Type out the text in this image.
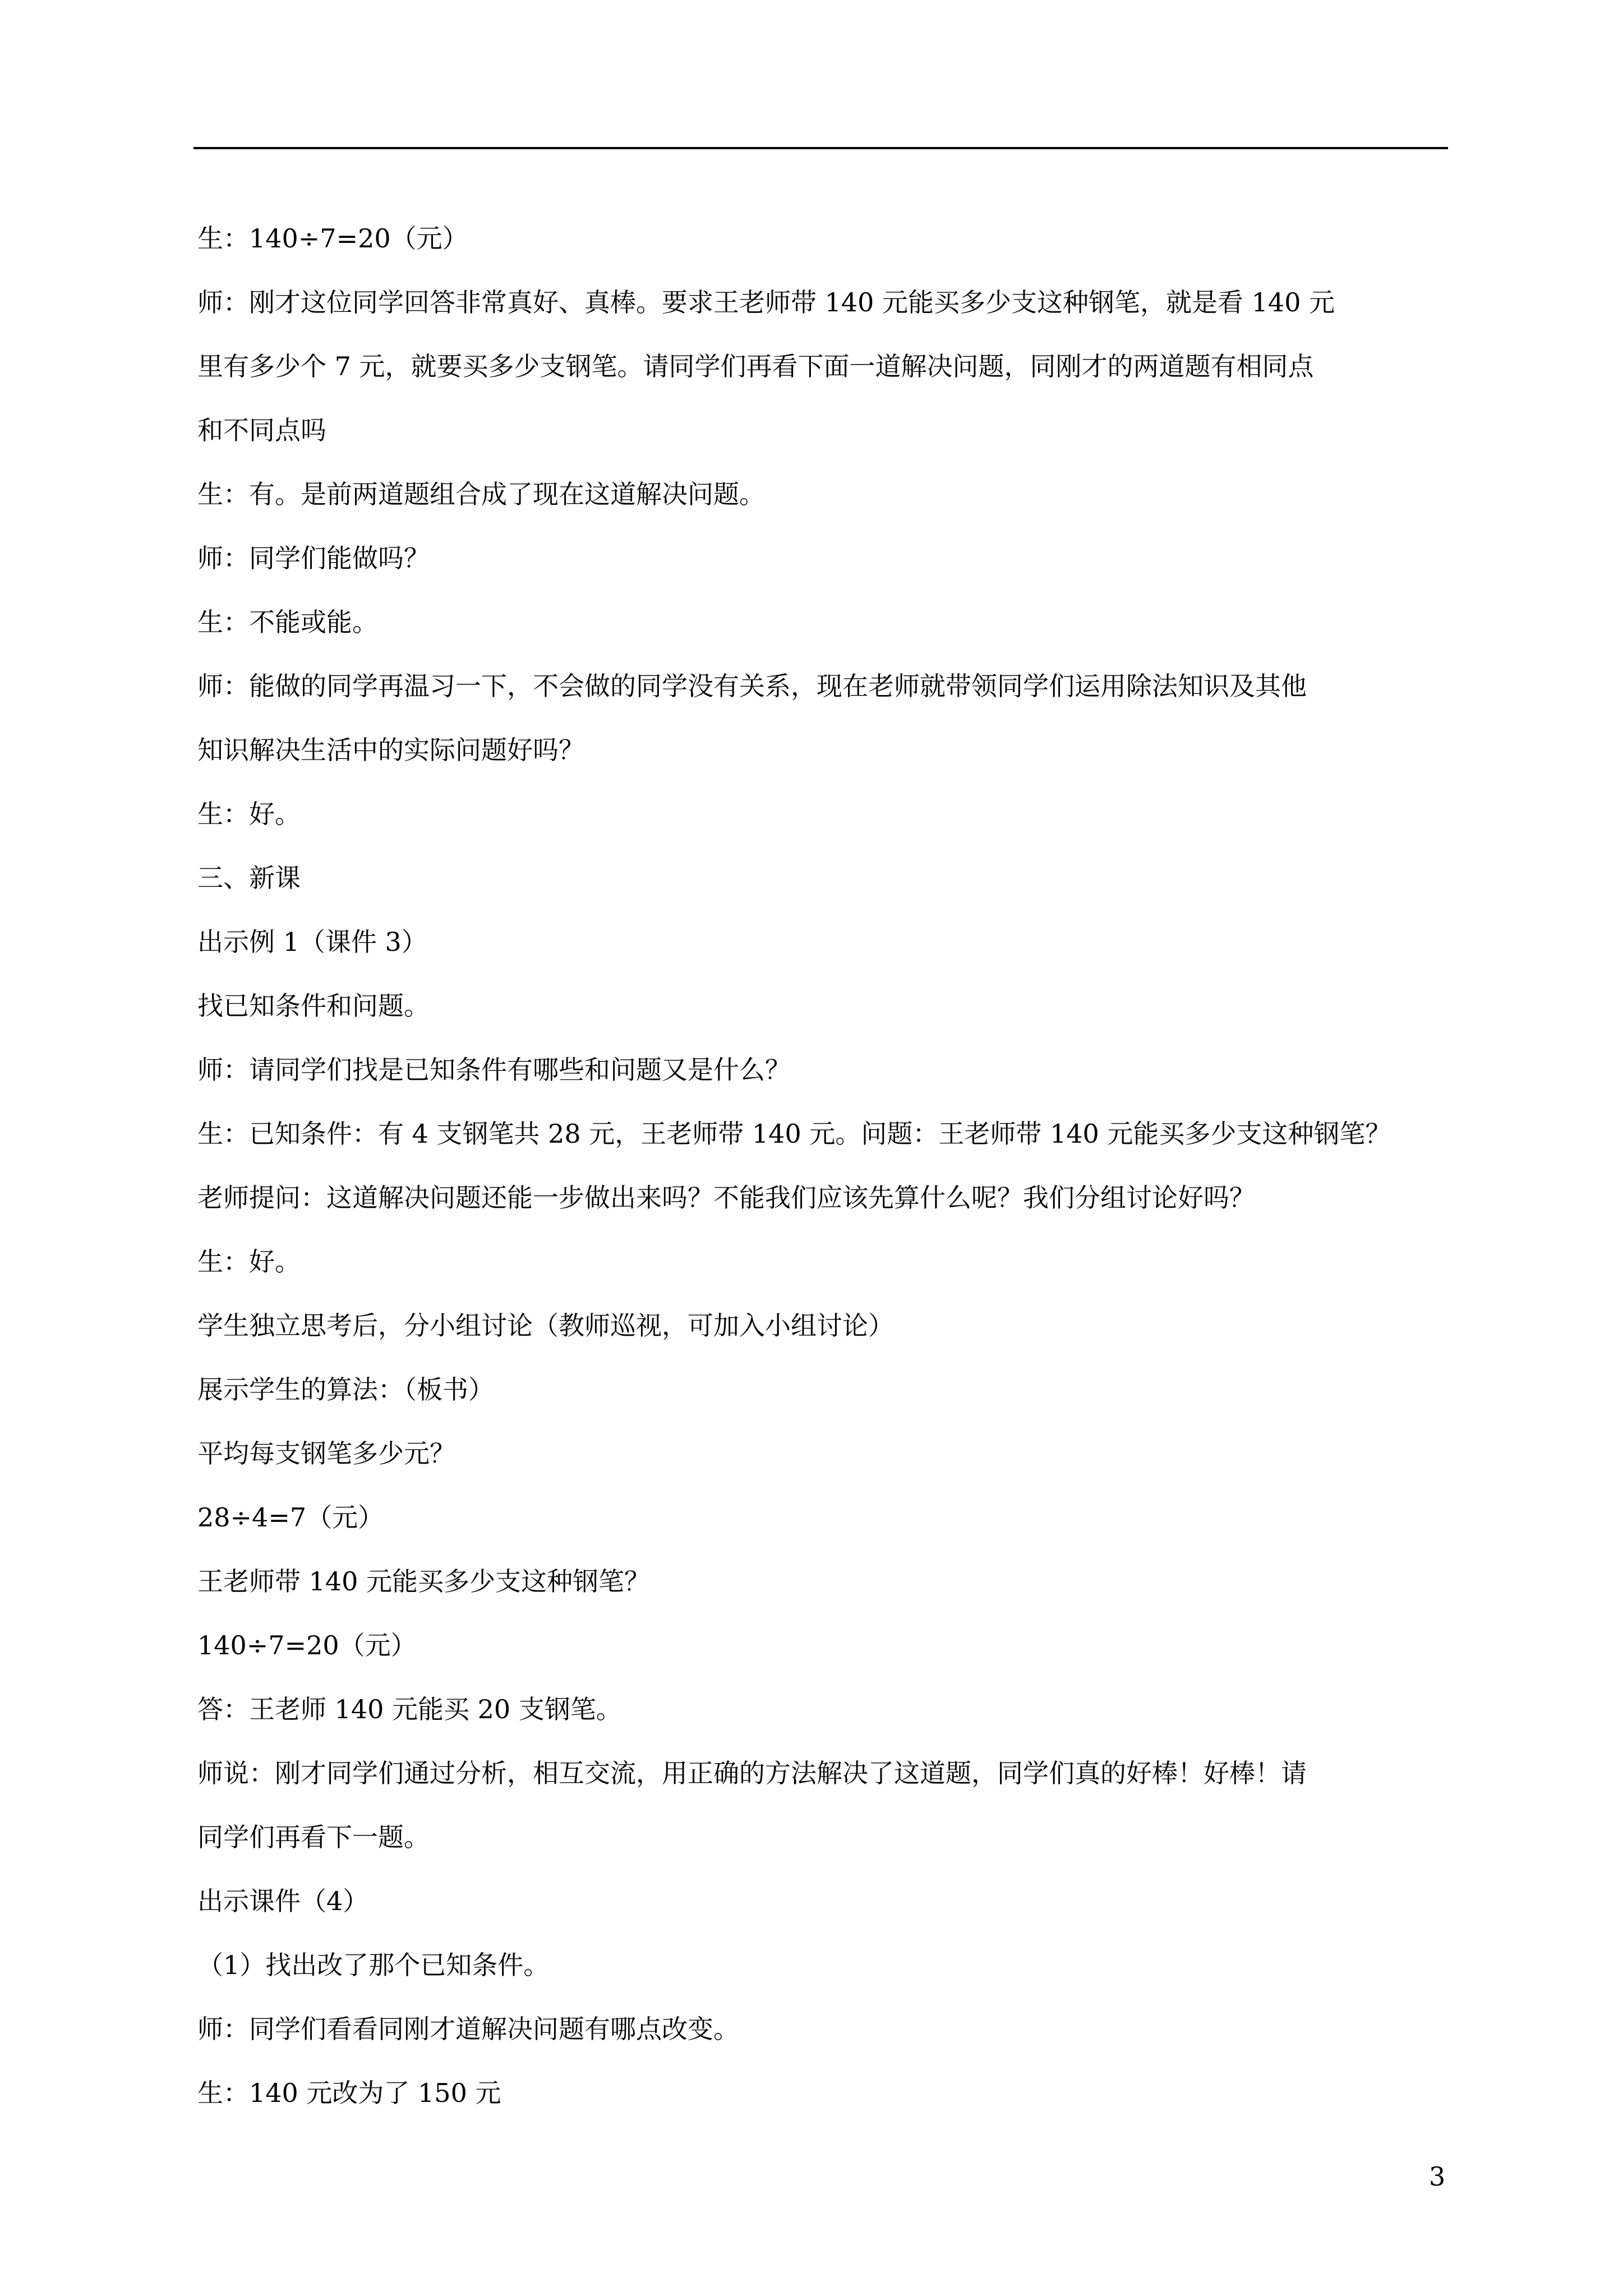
生：140÷7=20（元）

师：刚才这位同学回答非常真好、真棒。要求王老师带 140 元能买多少支这种钢笔，就是看 140 元

里有多少个 7 元，就要买多少支钢笔。请同学们再看下面一道解决问题，同刚才的两道题有相同点

和不同点吗

生：有。是前两道题组合成了现在这道解决问题。

师：同学们能做吗？

生：不能或能。

师：能做的同学再温习一下，不会做的同学没有关系，现在老师就带领同学们运用除法知识及其他

知识解决生活中的实际问题好吗？

生：好。

三、新课

出示例 1（课件 3）

找已知条件和问题。

师：请同学们找是已知条件有哪些和问题又是什么？

生：已知条件：有 4 支钢笔共 28 元，王老师带 140 元。问题：王老师带 140 元能买多少支这种钢笔？

老师提问：这道解决问题还能一步做出来吗？不能我们应该先算什么呢？我们分组讨论好吗？

生：好。

学生独立思考后，分小组讨论（教师巡视，可加入小组讨论）

展示学生的算法：（板书）

平均每支钢笔多少元？

28÷4=7（元）

王老师带 140 元能买多少支这种钢笔？

140÷7=20（元）

答：王老师 140 元能买 20 支钢笔。

师说：刚才同学们通过分析，相互交流，用正确的方法解决了这道题，同学们真的好棒！好棒！请

同学们再看下一题。

出示课件（4）

（1）找出改了那个已知条件。

师：同学们看看同刚才道解决问题有哪点改变。

生：140 元改为了 150 元

3
